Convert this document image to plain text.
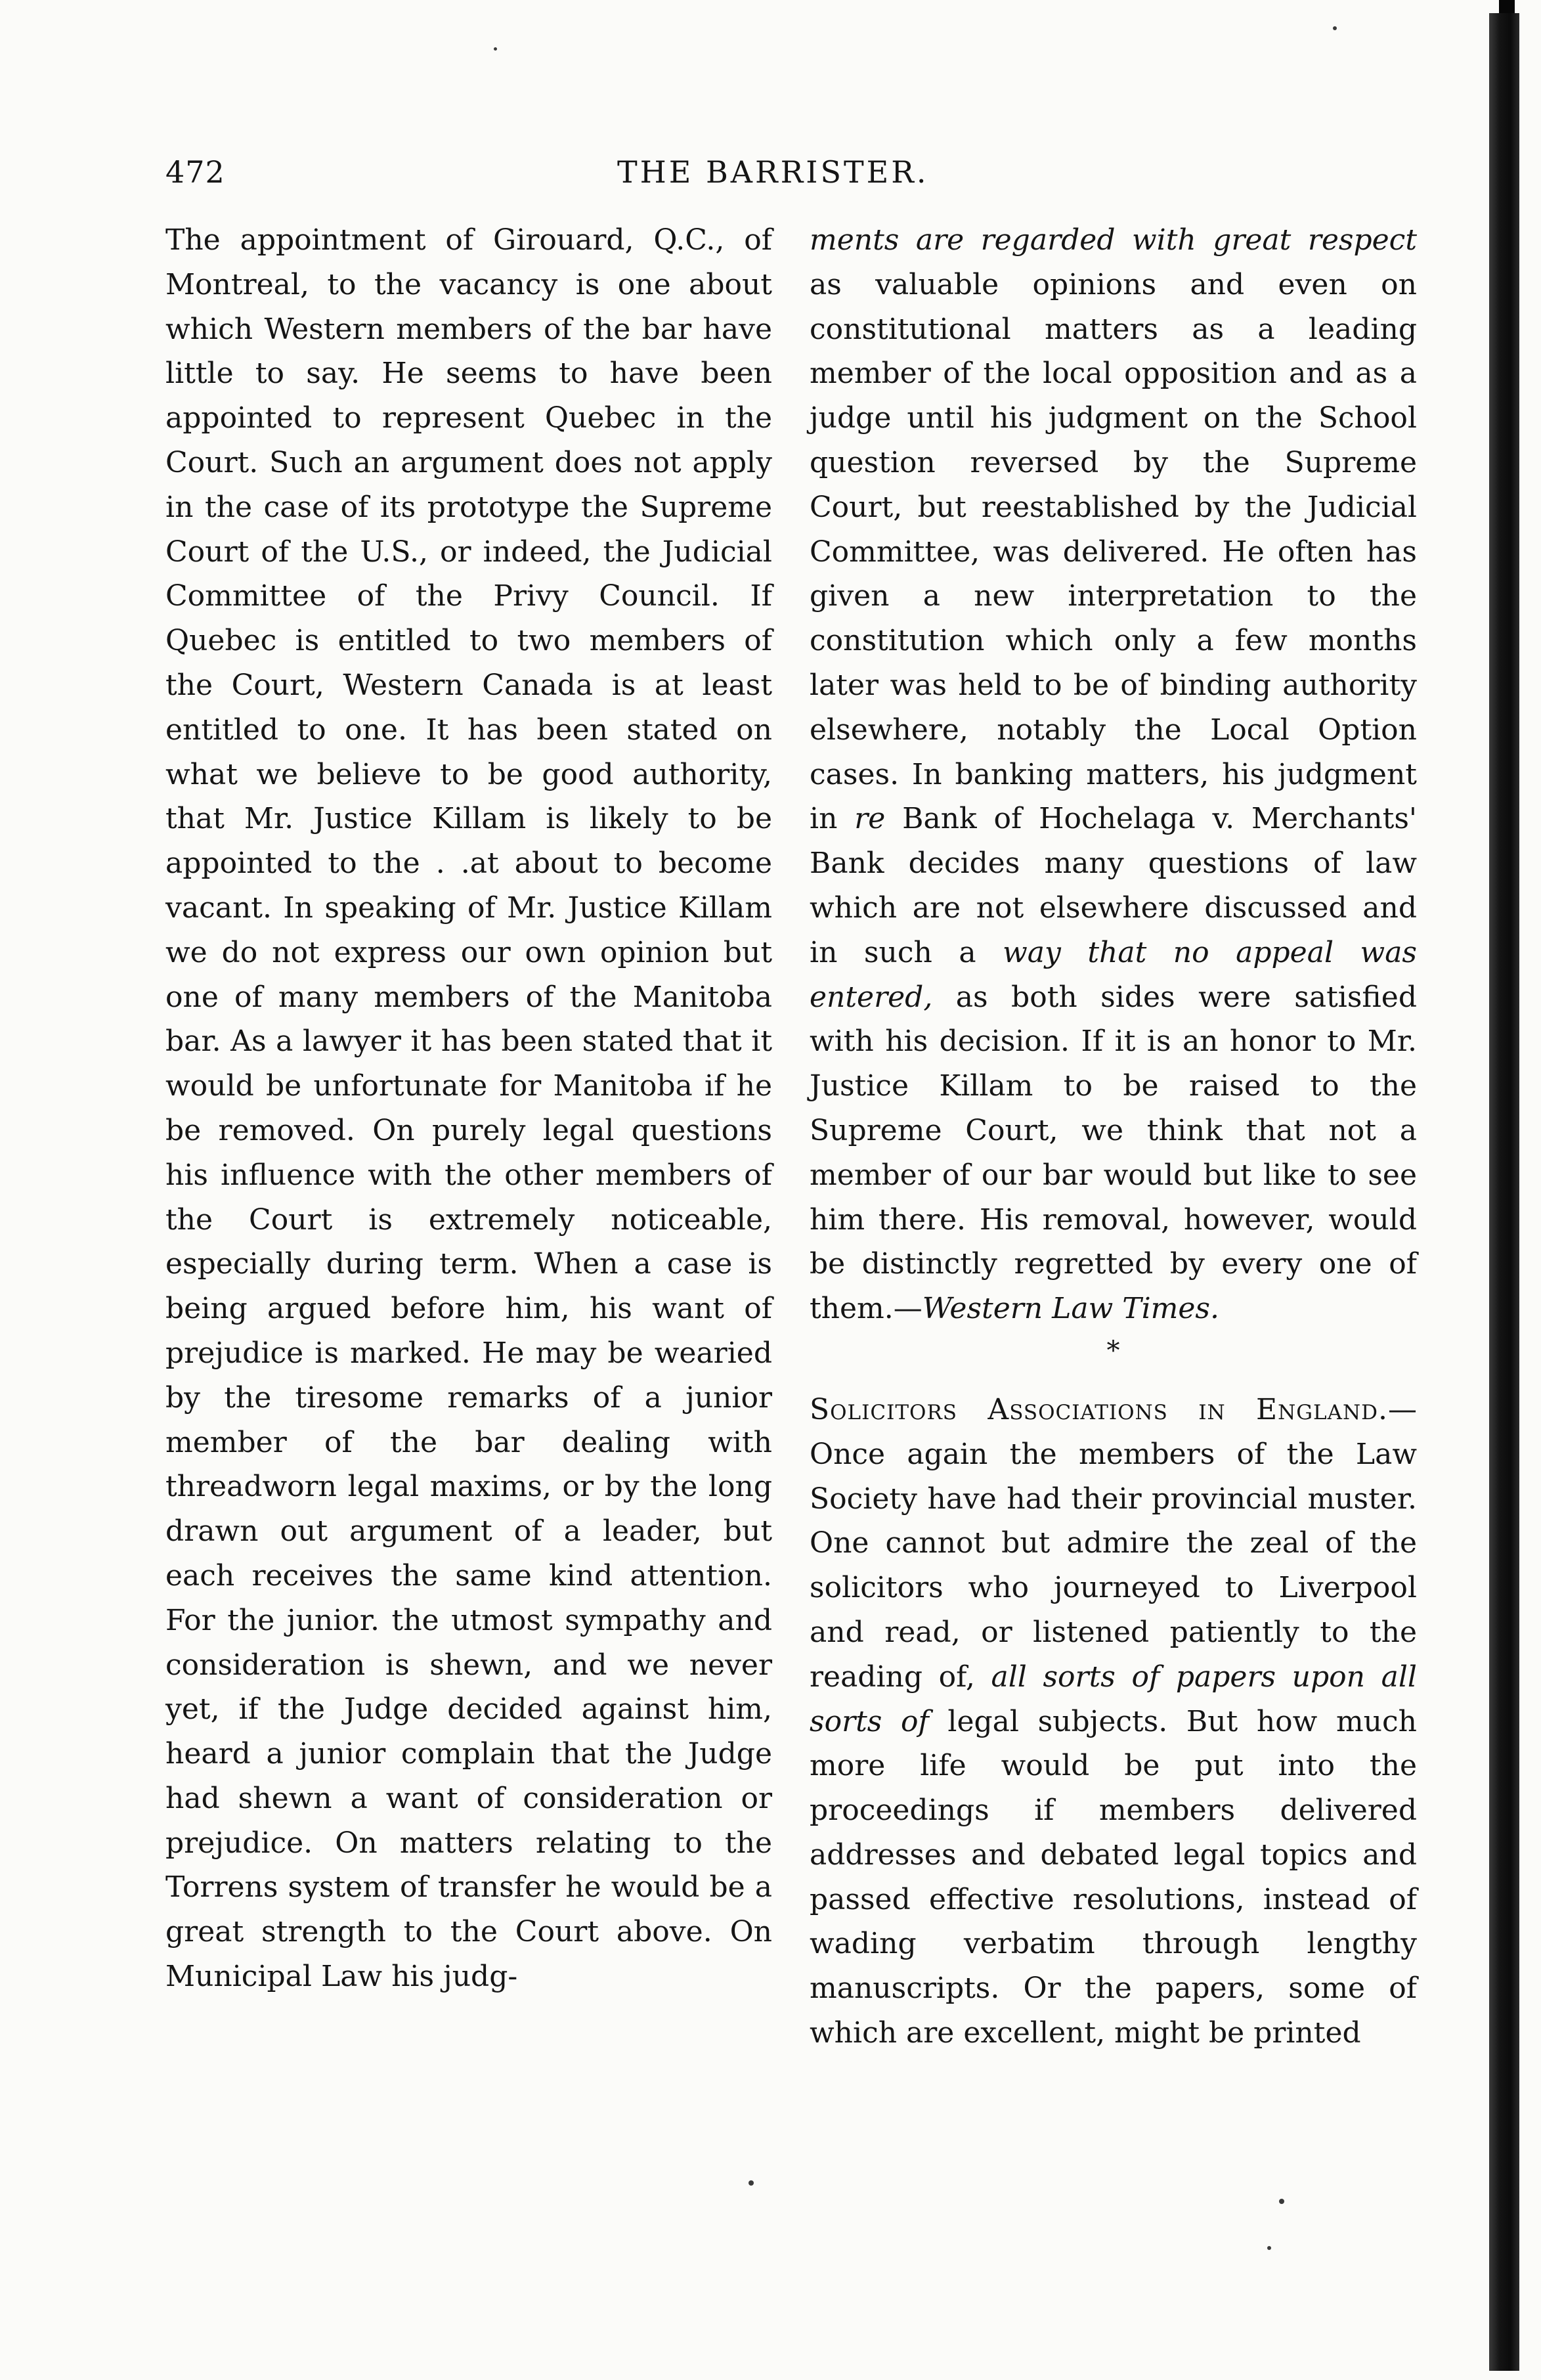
472	THE BARRISTER.

The appointment of Girouard, Q.C., of Montreal, to the vacancy is one about which Western members of the bar have little to say. He seems to have been appointed to represent Quebec in the Court. Such an argument does not apply in the case of its prototype the Supreme Court of the U.S., or indeed, the Judicial Committee of the Privy Council. If Quebec is entitled to two members of the Court, Western Canada is at least entitled to one. It has been stated on what we believe to be good authority, that Mr. Justice Killam is likely to be appointed to the . .at about to become vacant. In speaking of Mr. Justice Killam we do not express our own opinion but one of many members of the Manitoba bar. As a lawyer it has been stated that it would be unfortunate for Manitoba if he be removed. On purely legal questions his influence with the other members of the Court is extremely noticeable, especially during term. When a case is being argued before him, his want of prejudice is marked. He may be wearied by the tiresome remarks of a junior member of the bar dealing with threadworn legal maxims, or by the long drawn out argument of a leader, but each receives the same kind attention. For the junior. the utmost sympathy and consideration is shewn, and we never yet, if the Judge decided against him, heard a junior complain that the Judge had shewn a want of consideration or prejudice. On matters relating to the Torrens system of transfer he would be a great strength to the Court above. On Municipal Law his judg-

ments are regarded with great respect as valuable opinions and even on constitutional matters as a leading member of the local opposition and as a judge until his judgment on the School question reversed by the Supreme Court, but reestablished by the Judicial Committee, was delivered. He often has given a new interpretation to the constitution which only a few months later was held to be of binding authority elsewhere, notably the Local Option cases. In banking matters, his judgment in re Bank of Hochelaga v. Merchants' Bank decides many questions of law which are not elsewhere discussed and in such a way that no appeal was entered, as both sides were satisfied with his decision. If it is an honor to Mr. Justice Killam to be raised to the Supreme Court, we think that not a member of our bar would but like to see him there. His removal, however, would be distinctly regretted by every one of them.—Western Law Times.

*

Solicitors Associations in England.—Once again the members of the Law Society have had their provincial muster. One cannot but admire the zeal of the solicitors who journeyed to Liverpool and read, or listened patiently to the reading of, all sorts of papers upon all sorts of legal subjects. But how much more life would be put into the proceedings if members delivered addresses and debated legal topics and passed effective resolutions, instead of wading verbatim through lengthy manuscripts. Or the papers, some of which are excellent, might be printed
